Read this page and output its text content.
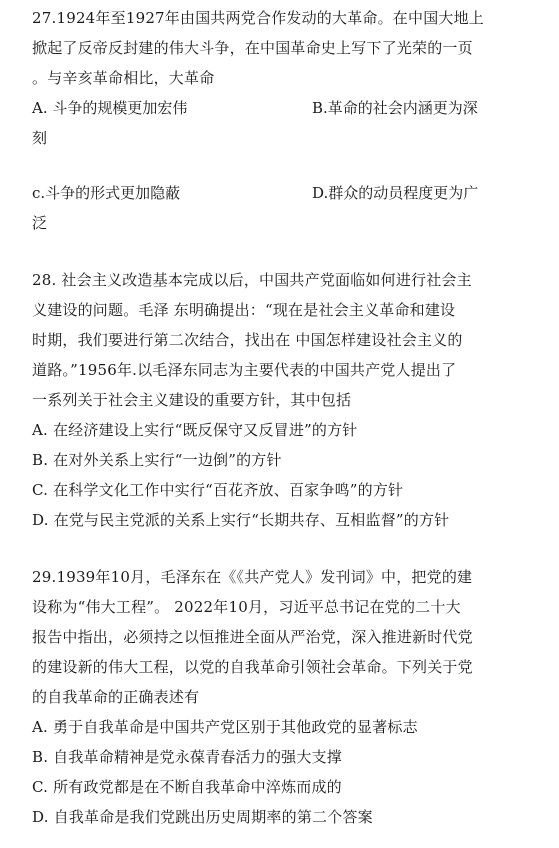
27.1924年至1927年由国共两党合作发动的大革命。在中国大地上
掀起了反帝反封建的伟大斗争，在中国革命史上写下了光荣的一页
。与辛亥革命相比，大革命
A. 斗争的规模更加宏伟	B.革命的社会内涵更为深
刻
c.斗争的形式更加隐蔽	D.群众的动员程度更为广
泛
28. 社会主义改造基本完成以后，中国共产党面临如何进行社会主
义建设的问题。毛泽 东明确提出：“现在是社会主义革命和建设
时期，我们要进行第二次结合，找出在 中国怎样建设社会主义的
道路。”1956年.以毛泽东同志为主要代表的中国共产党人提出了
一系列关于社会主义建设的重要方针，其中包括
A. 在经济建设上实行“既反保守又反冒进”的方针
B. 在对外关系上实行“一边倒”的方针
C. 在科学文化工作中实行“百花齐放、百家争鸣”的方针
D. 在党与民主党派的关系上实行“长期共存、互相监督”的方针
29.1939年10月，毛泽东在《《共产党人》发刊词》中，把党的建
设称为“伟大工程”。 2022年10月，习近平总书记在党的二十大
报告中指出，必须持之以恒推进全面从严治党，深入推进新时代党
的建设新的伟大工程，以党的自我革命引领社会革命。下列关于党
的自我革命的正确表述有
A. 勇于自我革命是中国共产党区别于其他政党的显著标志
B. 自我革命精神是党永葆青春活力的强大支撑
C. 所有政党都是在不断自我革命中淬炼而成的
D. 自我革命是我们党跳出历史周期率的第二个答案
